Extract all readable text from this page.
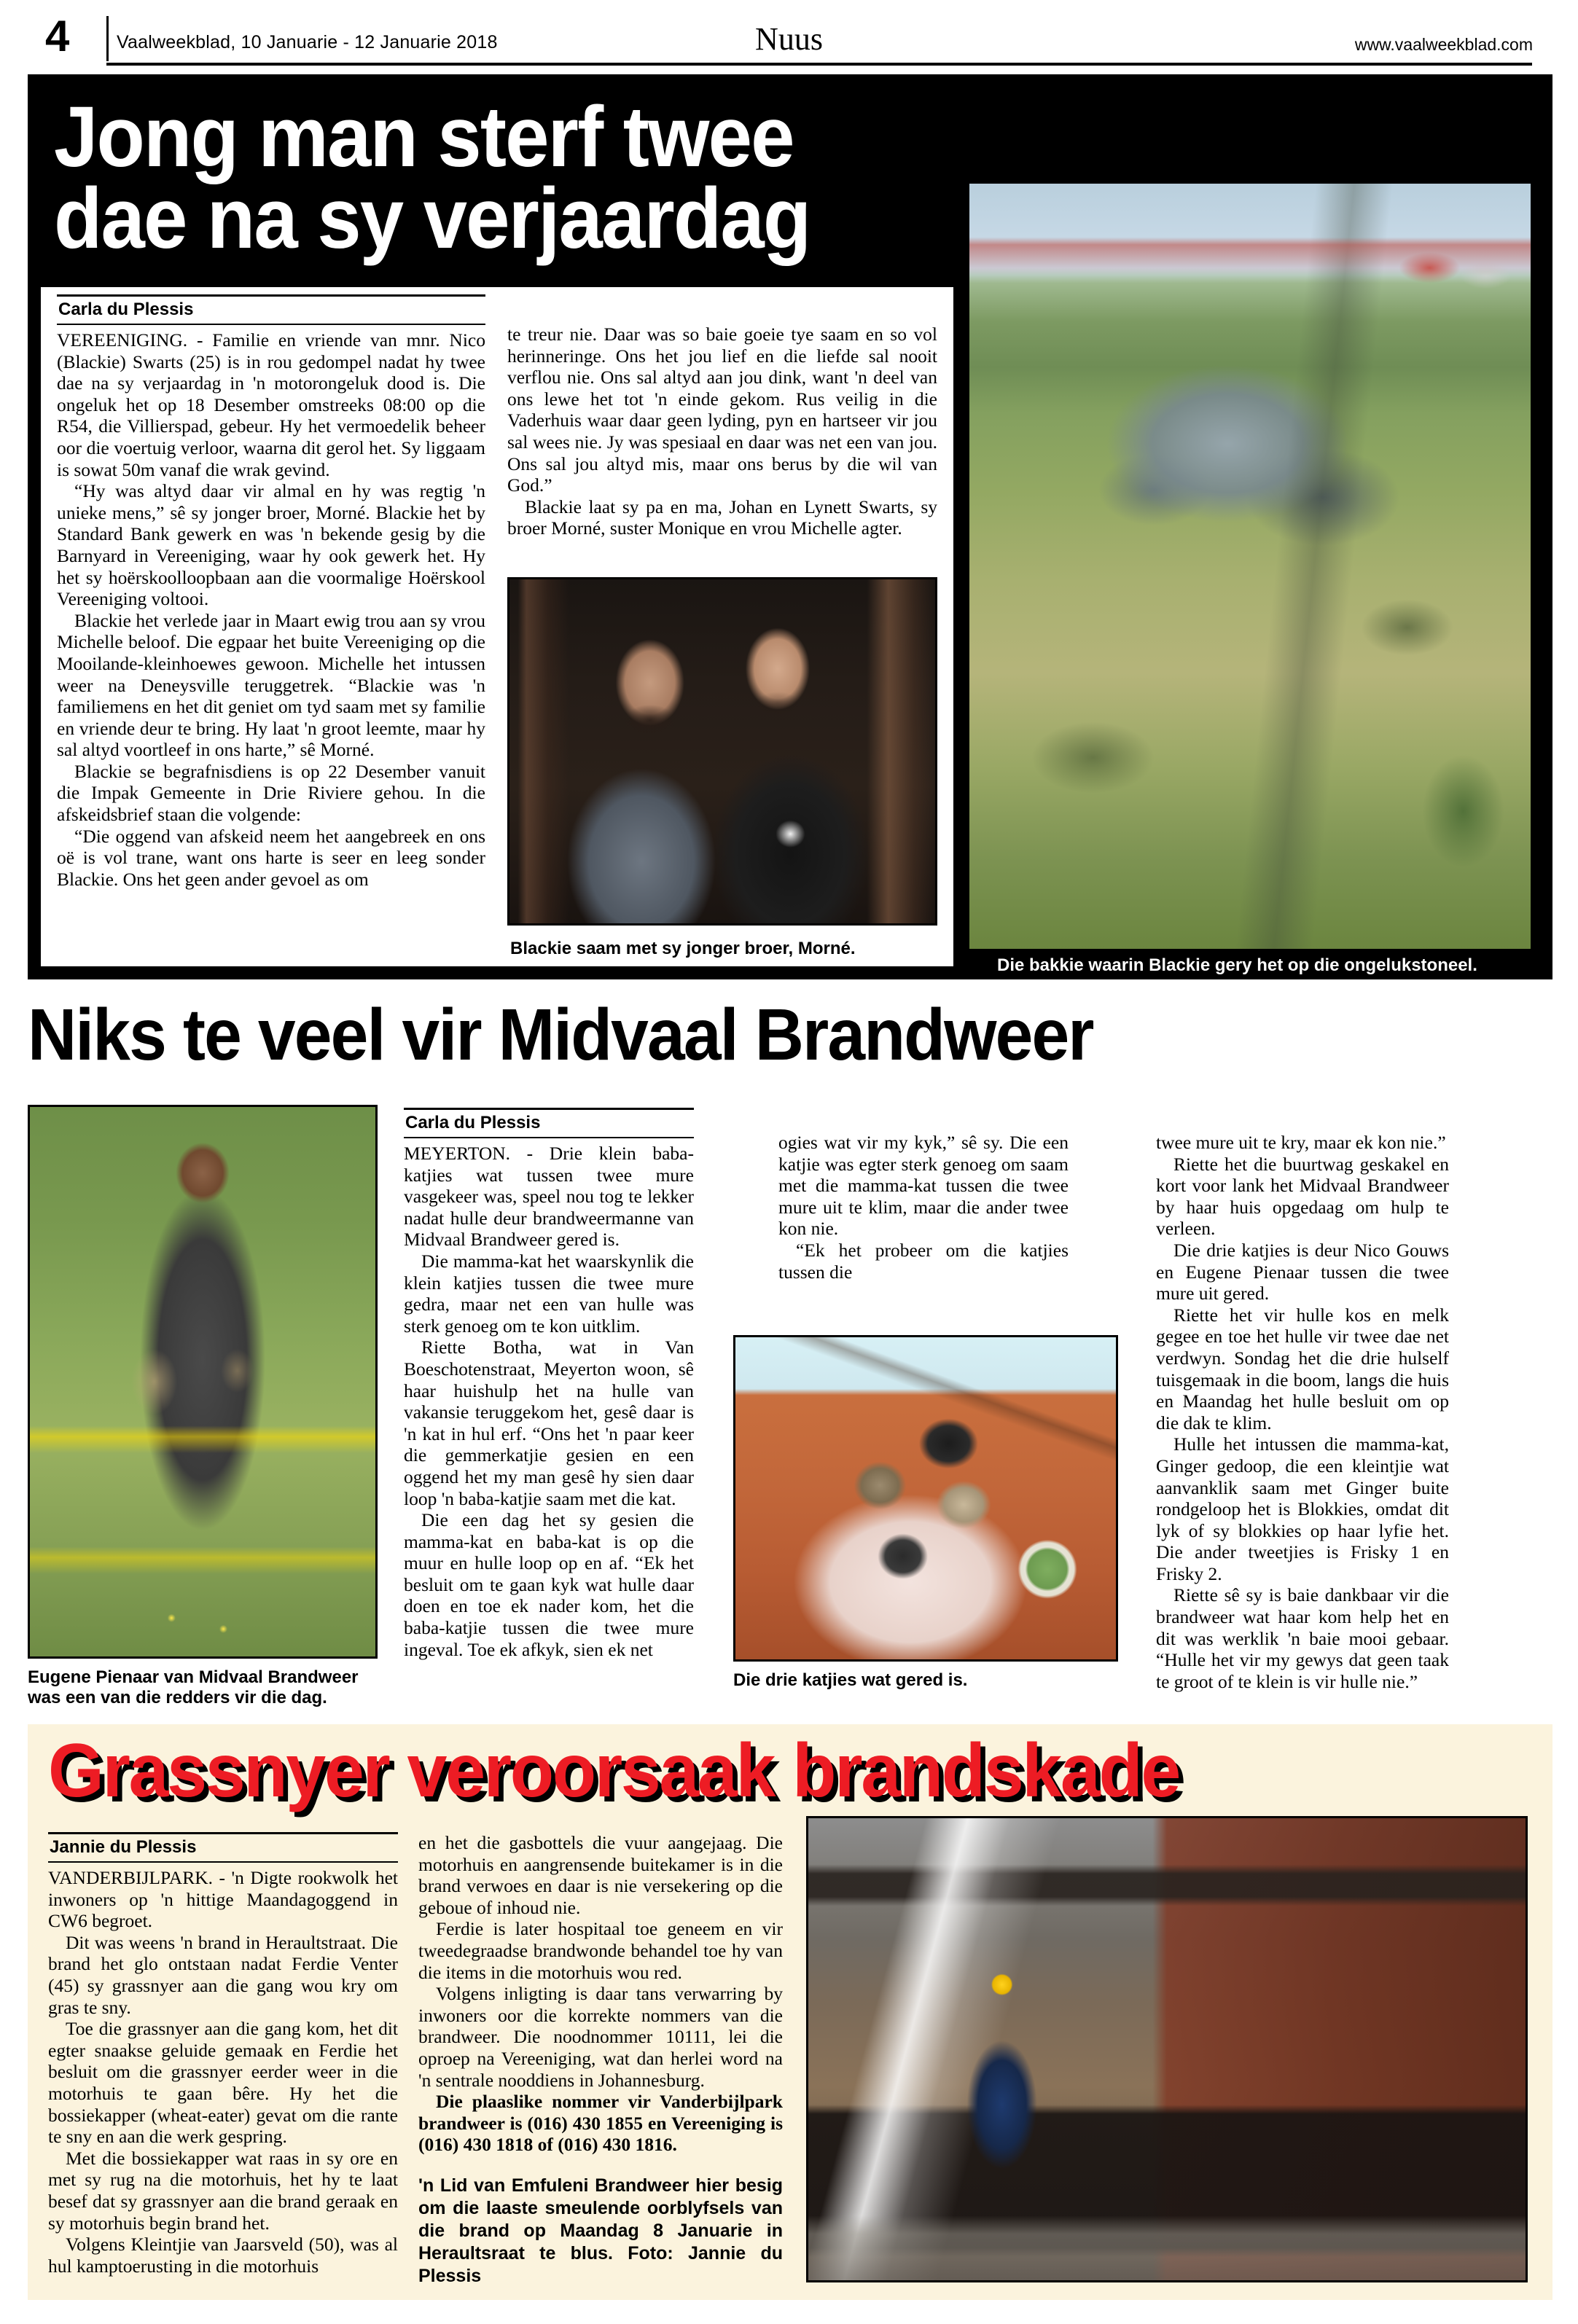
4	Vaalweekblad, 10 Januarie - 12 Januarie 2018	Nuus	www.vaalweekblad.com
Jong man sterf twee dae na sy verjaardag
Die bakkie waarin Blackie gery het op die ongelukstoneel.
Carla du Plessis

VEREENIGING. - Familie en vriende van mnr. Nico (Blackie) Swarts (25) is in rou gedompel nadat hy twee dae na sy verjaardag in 'n motorongeluk dood is. Die ongeluk het op 18 Desember omstreeks 08:00 op die R54, die Villierspad, gebeur. Hy het vermoedelik beheer oor die voertuig verloor, waarna dit gerol het. Sy liggaam is sowat 50m vanaf die wrak gevind.

“Hy was altyd daar vir almal en hy was regtig 'n unieke mens,” sê sy jonger broer, Morné. Blackie het by Standard Bank gewerk en was 'n bekende gesig by die Barnyard in Vereeniging, waar hy ook gewerk het. Hy het sy hoërskoolloopbaan aan die voormalige Hoërskool Vereeniging voltooi.

Blackie het verlede jaar in Maart ewig trou aan sy vrou Michelle beloof. Die egpaar het buite Vereeniging op die Mooilande-kleinhoewes gewoon. Michelle het intussen weer na Deneysville teruggetrek. “Blackie was 'n familiemens en het dit geniet om tyd saam met sy familie en vriende deur te bring. Hy laat 'n groot leemte, maar hy sal altyd voortleef in ons harte,” sê Morné.

Blackie se begrafnisdiens is op 22 Desember vanuit die Impak Gemeente in Drie Riviere gehou. In die afskeidsbrief staan die volgende:

“Die oggend van afskeid neem het aangebreek en ons oë is vol trane, want ons harte is seer en leeg sonder Blackie. Ons het geen ander gevoel as om

te treur nie. Daar was so baie goeie tye saam en so vol herinneringe. Ons het jou lief en die liefde sal nooit verflou nie. Ons sal altyd aan jou dink, want 'n deel van ons lewe het tot 'n einde gekom. Rus veilig in die Vaderhuis waar daar geen lyding, pyn en hartseer vir jou sal wees nie. Jy was spesiaal en daar was net een van jou. Ons sal jou altyd mis, maar ons berus by die wil van God.”

Blackie laat sy pa en ma, Johan en Lynett Swarts, sy broer Morné, suster Monique en vrou Michelle agter.

Blackie saam met sy jonger broer, Morné.
Niks te veel vir Midvaal Brandweer
Eugene Pienaar van Midvaal Brandweer was een van die redders vir die dag.
Carla du Plessis

MEYERTON. - Drie klein baba-katjies wat tussen twee mure vasgekeer was, speel nou tog te lekker nadat hulle deur brandweermanne van Midvaal Brandweer gered is.

Die mamma-kat het waarskynlik die klein katjies tussen die twee mure gedra, maar net een van hulle was sterk genoeg om te kon uitklim.

Riette Botha, wat in Van Boeschotenstraat, Meyerton woon, sê haar huishulp het na hulle van vakansie teruggekom het, gesê daar is 'n kat in hul erf. “Ons het 'n paar keer die gemmerkatjie gesien en een oggend het my man gesê hy sien daar loop 'n baba-katjie saam met die kat.

Die een dag het sy gesien die mamma-kat en baba-kat is op die muur en hulle loop op en af. “Ek het besluit om te gaan kyk wat hulle daar doen en toe ek nader kom, het die baba-katjie tussen die twee mure ingeval. Toe ek afkyk, sien ek net

ogies wat vir my kyk,” sê sy. Die een katjie was egter sterk genoeg om saam met die mamma-kat tussen die twee mure uit te klim, maar die ander twee kon nie.

“Ek het probeer om die katjies tussen die

Die drie katjies wat gered is.

twee mure uit te kry, maar ek kon nie.”

Riette het die buurtwag geskakel en kort voor lank het Midvaal Brandweer by haar huis opgedaag om hulp te verleen.

Die drie katjies is deur Nico Gouws en Eugene Pienaar tussen die twee mure uit gered.

Riette het vir hulle kos en melk gegee en toe het hulle vir twee dae net verdwyn. Sondag het die drie hulself tuisgemaak in die boom, langs die huis en Maandag het hulle besluit om op die dak te klim.

Hulle het intussen die mamma-kat, Ginger gedoop, die een kleintjie wat aanvanklik saam met Ginger buite rondgeloop het is Blokkies, omdat dit lyk of sy blokkies op haar lyfie het. Die ander tweetjies is Frisky 1 en Frisky 2.

Riette sê sy is baie dankbaar vir die brandweer wat haar kom help het en dit was werklik 'n baie mooi gebaar. “Hulle het vir my gewys dat geen taak te groot of te klein is vir hulle nie.”

Grassnyer veroorsaak brandskade
Jannie du Plessis

VANDERBIJLPARK. - 'n Digte rookwolk het inwoners op 'n hittige Maandagoggend in CW6 begroet.

Dit was weens 'n brand in Heraultstraat. Die brand het glo ontstaan nadat Ferdie Venter (45) sy grassnyer aan die gang wou kry om gras te sny.

Toe die grassnyer aan die gang kom, het dit egter snaakse geluide gemaak en Ferdie het besluit om die grassnyer eerder weer in die motorhuis te gaan bêre. Hy het die bossiekapper (wheat-eater) gevat om die rante te sny en aan die werk gespring.

Met die bossiekapper wat raas in sy ore en met sy rug na die motorhuis, het hy te laat besef dat sy grassnyer aan die brand geraak en sy motorhuis begin brand het.

Volgens Kleintjie van Jaarsveld (50), was al hul kamptoerusting in die motorhuis

en het die gasbottels die vuur aangejaag. Die motorhuis en aangrensende buitekamer is in die brand verwoes en daar is nie versekering op die geboue of inhoud nie.

Ferdie is later hospitaal toe geneem en vir tweedegraadse brandwonde behandel toe hy van die items in die motorhuis wou red.

Volgens inligting is daar tans verwarring by inwoners oor die korrekte nommers van die brandweer. Die noodnommer 10111, lei die oproep na Vereeniging, wat dan herlei word na 'n sentrale nooddiens in Johannesburg.

Die plaaslike nommer vir Vanderbijlpark brandweer is (016) 430 1855 en Vereeniging is (016) 430 1818 of (016) 430 1816.

'n Lid van Emfuleni Brandweer hier besig om die laaste smeulende oorblyfsels van die brand op Maandag 8 Januarie in Heraultsraat te blus. Foto: Jannie du Plessis
